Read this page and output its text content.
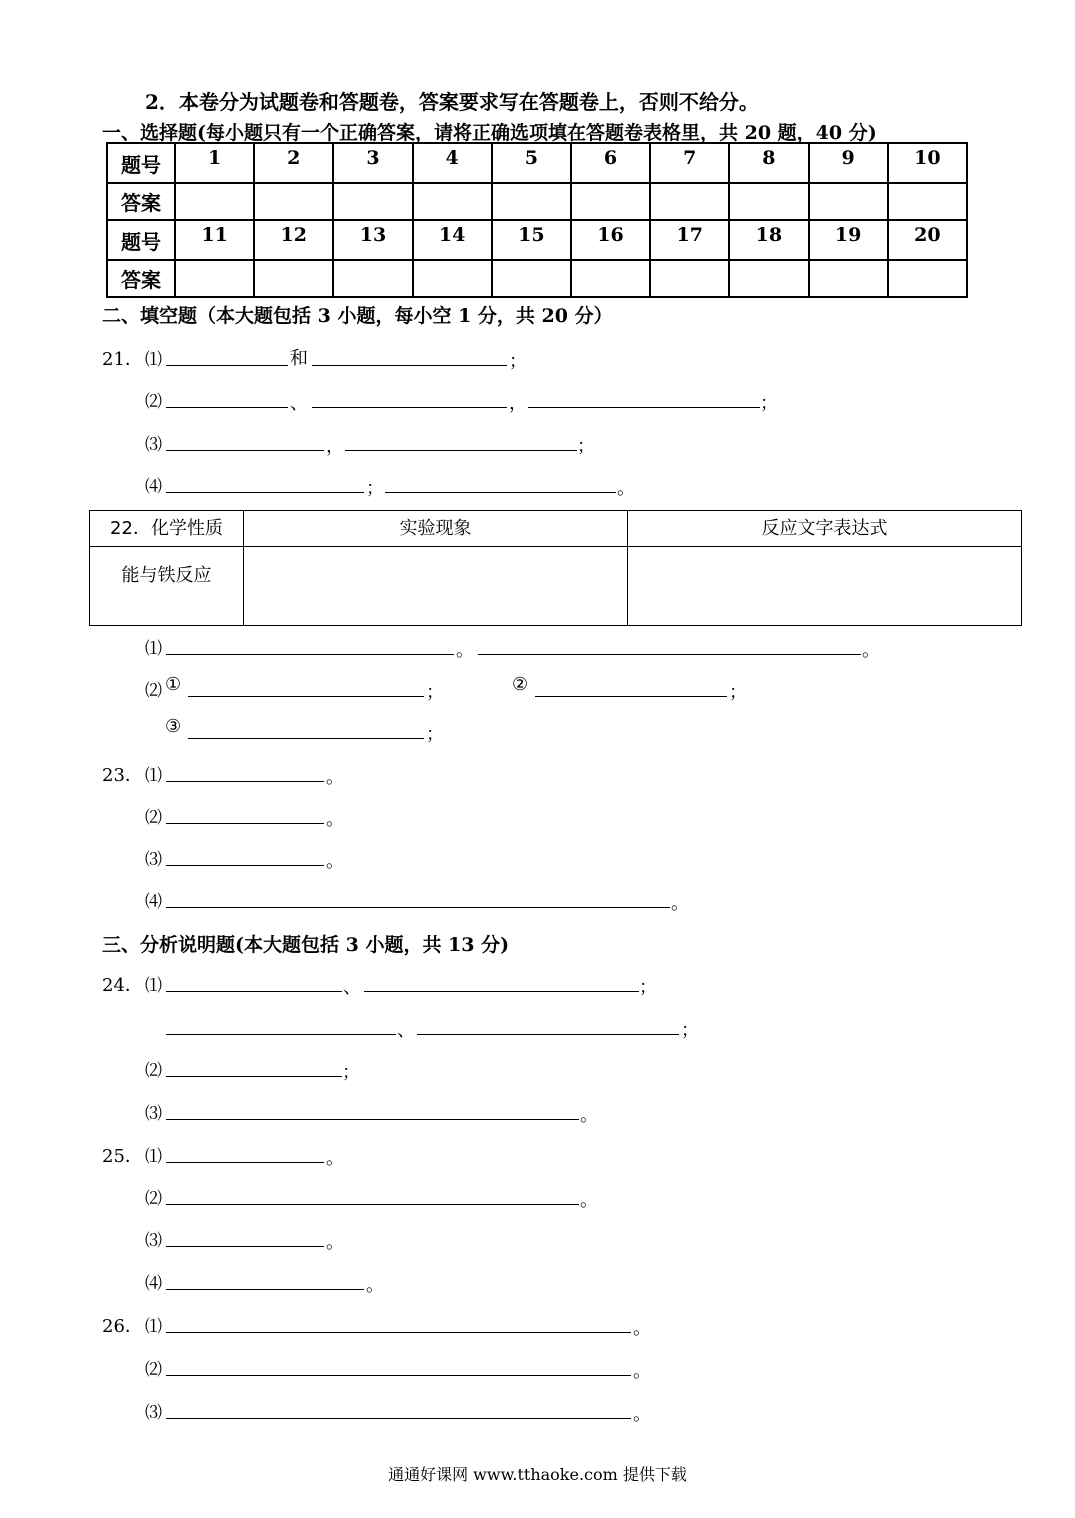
2．本卷分为试题卷和答题卷，答案要求写在答题卷上，否则不给分。
一、选择题(每小题只有一个正确答案，请将正确选项填在答题卷表格里，共 20 题，40 分)
题号	1	2	3	4	5	6	7	8	9	10
答案										
题号	11	12	13	14	15	16	17	18	19	20
答案										
二、填空题（本大题包括 3 小题，每小空 1 分，共 20 分）
21． ⑴	和	；
⑵	、	，	；
⑶	，	；
⑷	；	。
22．化学性质	实验现象	反应文字表达式
能与铁反应		
⑴	。	。
⑵ ①	；	②	；
③	；
23． ⑴	。
⑵	。
⑶	。
⑷	。
三、分析说明题(本大题包括 3 小题，共 13 分)
24． ⑴	、	；
、	；
⑵	；
⑶	。
25． ⑴	。
⑵	。
⑶	。
⑷	。
26． ⑴	。
⑵	。
⑶	。
通通好课网 www.tthaoke.com 提供下载
